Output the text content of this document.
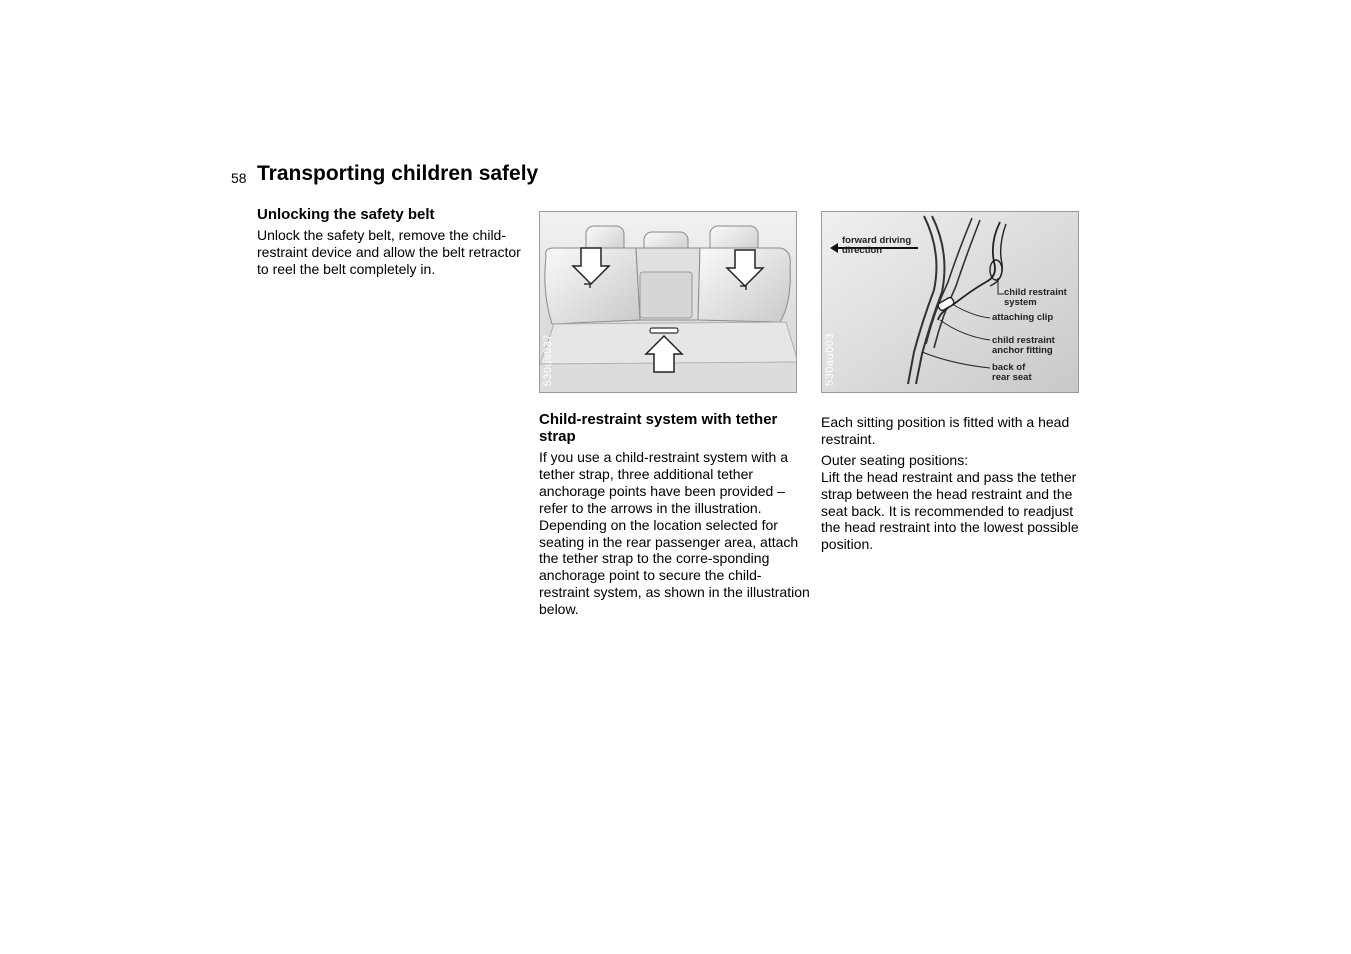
58 Transporting children safely
Unlocking the safety belt

Unlock the safety belt, remove the child-restraint device and allow the belt retractor to reel the belt completely in.

530us037
forward driving
direction
child restraint
system
attaching clip
child restraint
anchor fitting
back of
rear seat
530au003
Child-restraint system with tether strap

If you use a child-restraint system with a tether strap, three additional tether anchorage points have been provided – refer to the arrows in the illustration. Depending on the location selected for seating in the rear passenger area, attach the tether strap to the corre-sponding anchorage point to secure the child-restraint system, as shown in the illustration below.

Each sitting position is fitted with a head restraint.

Outer seating positions:
Lift the head restraint and pass the tether strap between the head restraint and the seat back. It is recommended to readjust the head restraint into the lowest possible position.
